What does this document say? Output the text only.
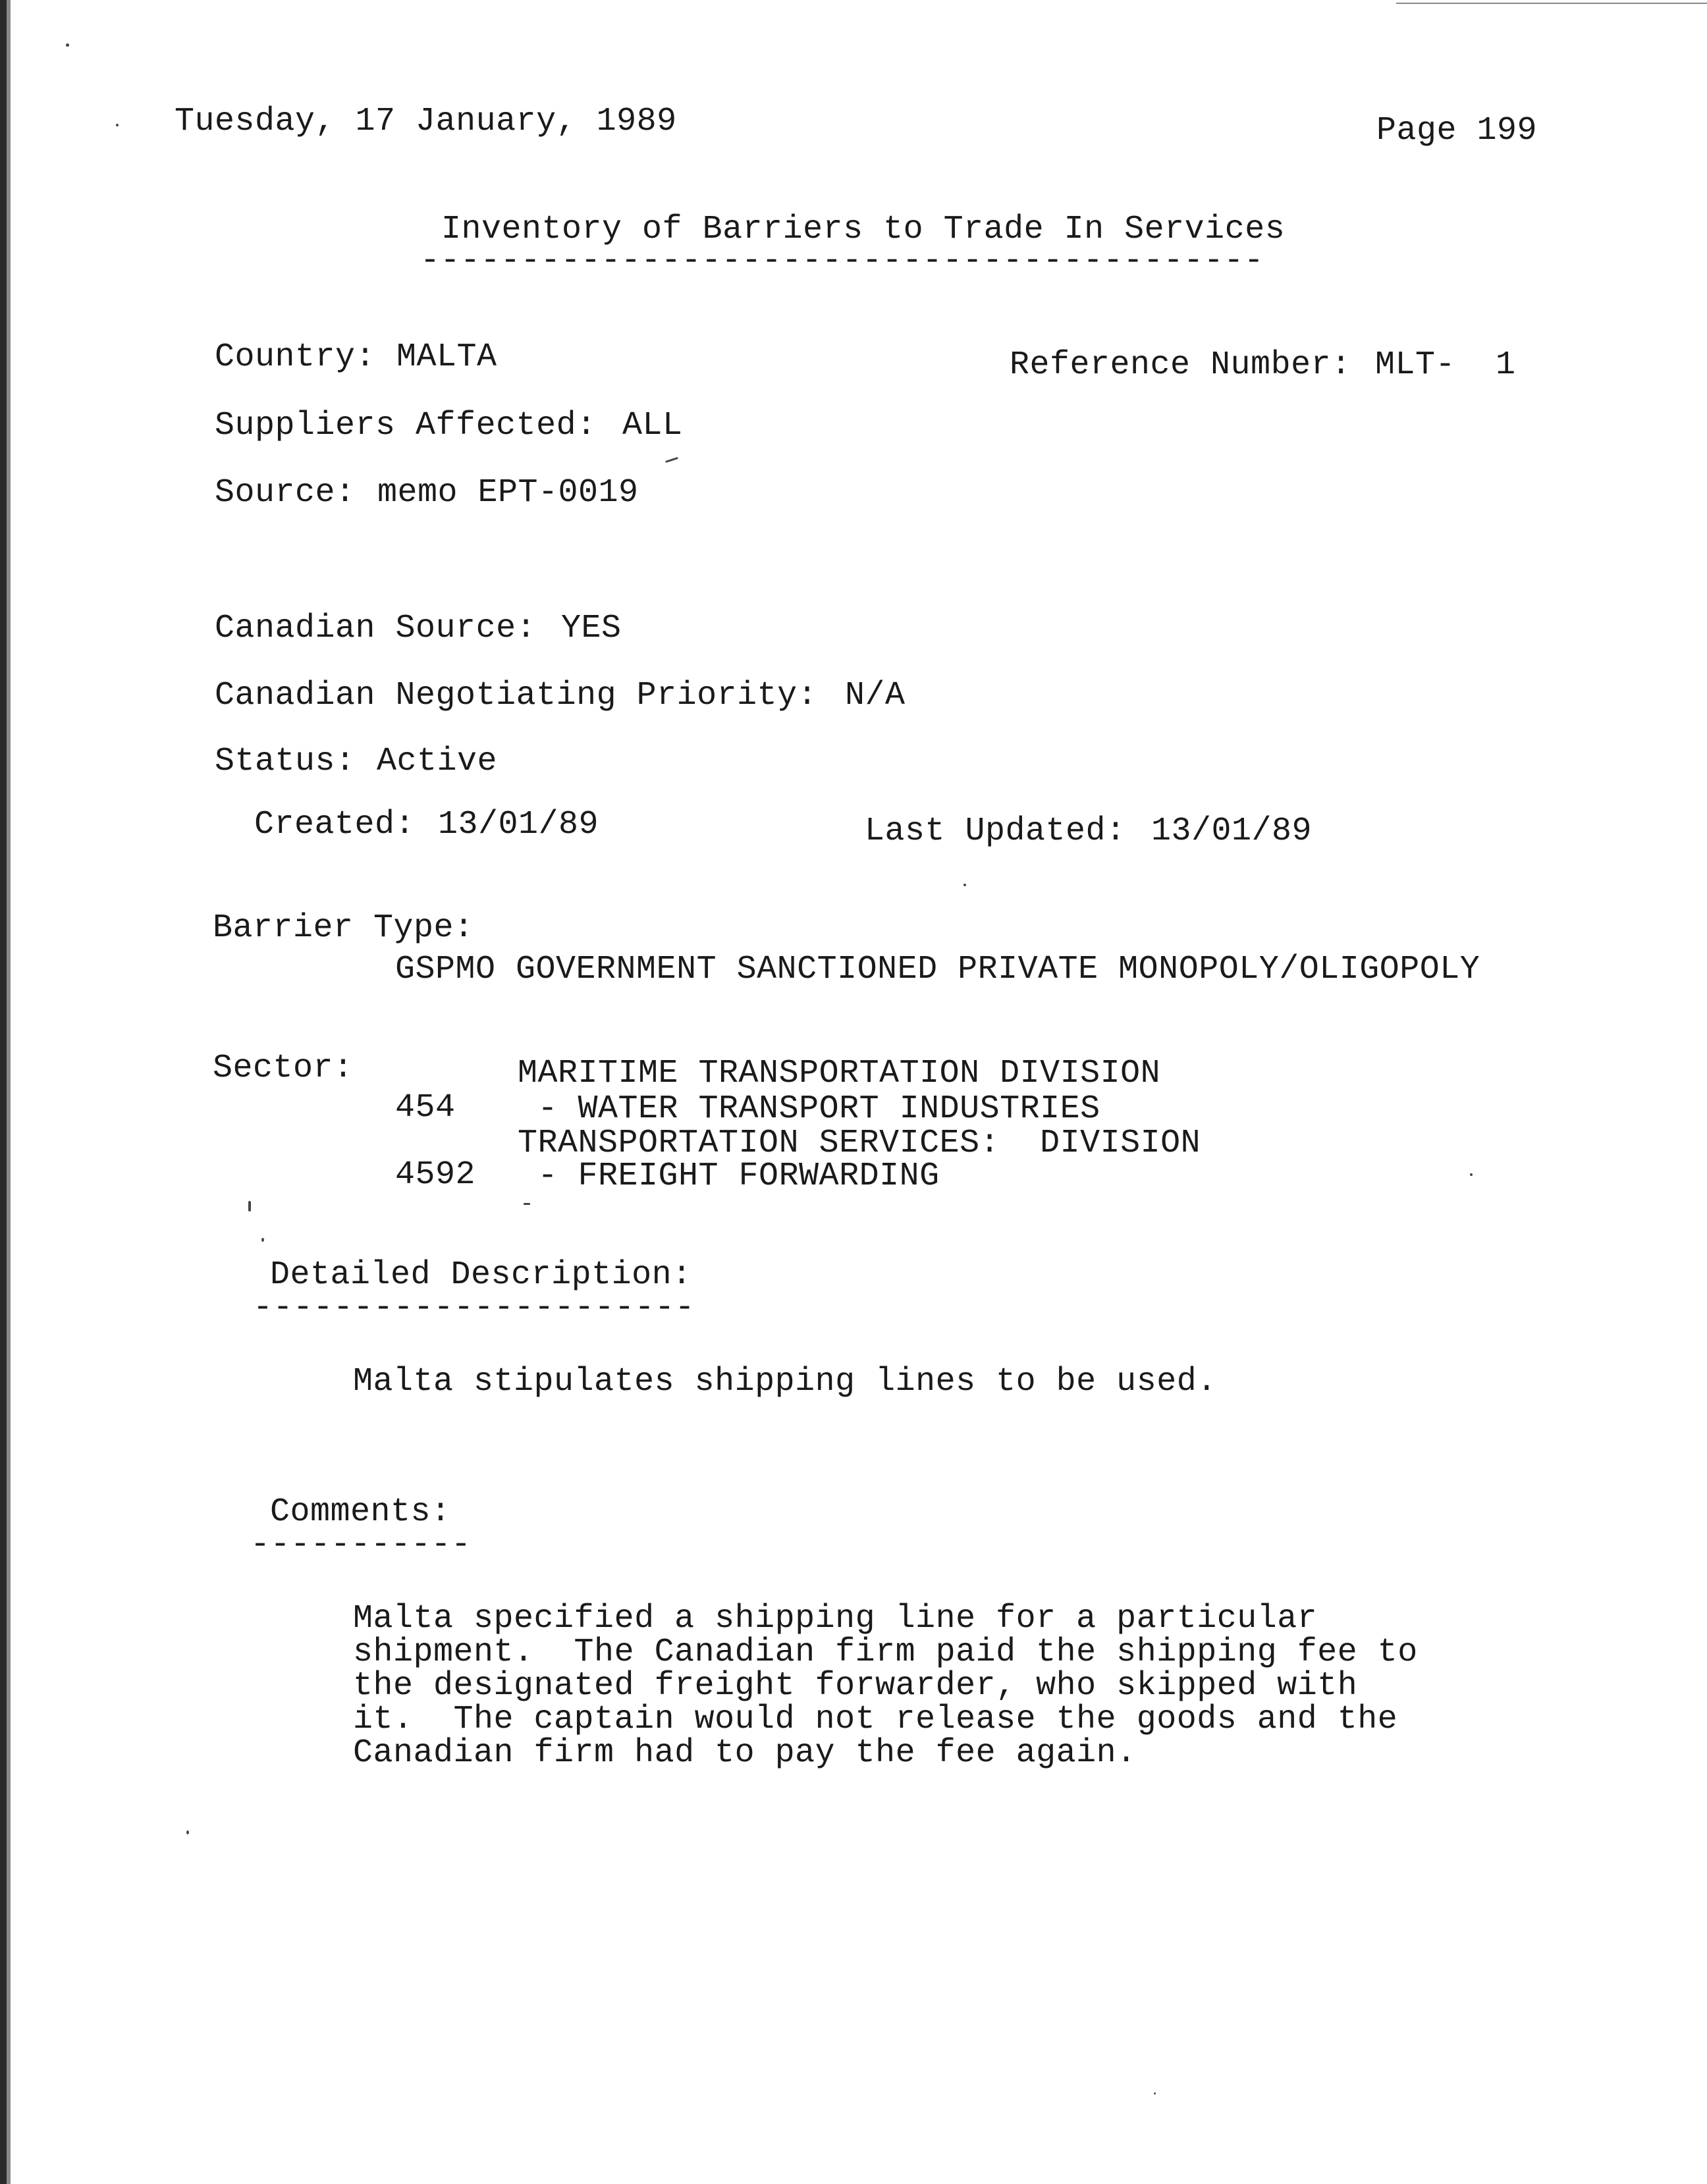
Tuesday, 17 January, 1989	Page 199
Inventory of Barriers to Trade In Services
------------------------------------------
Country: MALTA	Reference Number: MLT-  1
Suppliers Affected: ALL
Source: memo EPT-0019
Canadian Source: YES
Canadian Negotiating Priority: N/A
Status: Active
Created: 13/01/89	Last Updated: 13/01/89
Barrier Type:
GSPMO GOVERNMENT SANCTIONED PRIVATE MONOPOLY/OLIGOPOLY
Sector:	MARITIME TRANSPORTATION DIVISION
454 - WATER TRANSPORT INDUSTRIES
TRANSPORTATION SERVICES:  DIVISION
4592 - FREIGHT FORWARDING
Detailed Description:
----------------------
Malta stipulates shipping lines to be used.
Comments:
-----------
Malta specified a shipping line for a particular
shipment.  The Canadian firm paid the shipping fee to
the designated freight forwarder, who skipped with
it.  The captain would not release the goods and the
Canadian firm had to pay the fee again.
